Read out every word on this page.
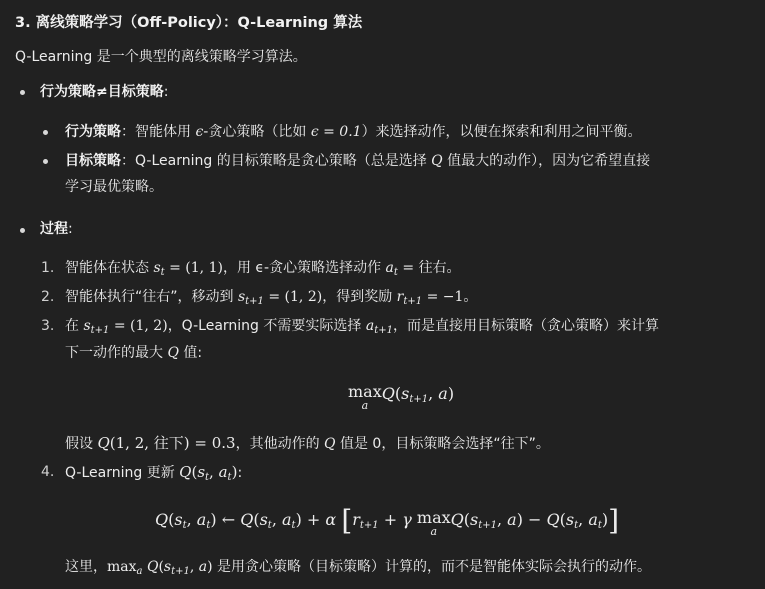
3. 离线策略学习（Off-Policy）：Q-Learning 算法
Q-Learning 是一个典型的离线策略学习算法。
行为策略≠目标策略:
行为策略：智能体用 ϵ-贪心策略（比如 ϵ = 0.1）来选择动作，以便在探索和利用之间平衡。
目标策略：Q-Learning 的目标策略是贪心策略（总是选择 Q 值最大的动作），因为它希望直接
学习最优策略。
过程:
1. 智能体在状态 $s_t = (1$, 1)，用 ϵ-贪心策略选择动作 $a_t$ = 往右。
2. 智能体执行“往右”，移动到 $s_{t+1} = (1$, 2)，得到奖励 $r_{t+1} = -1$。
3. 在 $s_{t+1} = (1$, 2)，Q-Learning 不需要实际选择 $a_{t+1}$，而是直接用目标策略（贪心策略）来计算
下一动作的最大 Q 值:
max
a
$Q(s_{t+1}$, a)
假设 Q(1, 2, 往下) = 0.3，其他动作的 Q 值是 0，目标策略会选择“往下”。
4. Q-Learning 更新 $Q(s_t$, $a_t$):
$Q(s_t$, $a_t$) ← $Q(s_t$, $a_t) + \alpha$ [$r_{t+1} + \gamma$ max
a
$Q(s_{t+1}$, $a) - Q(s_t$, $a_t$)]
这里，$\max_a Q(s_{t+1}$, a) 是用贪心策略（目标策略）计算的，而不是智能体实际会执行的动作。
